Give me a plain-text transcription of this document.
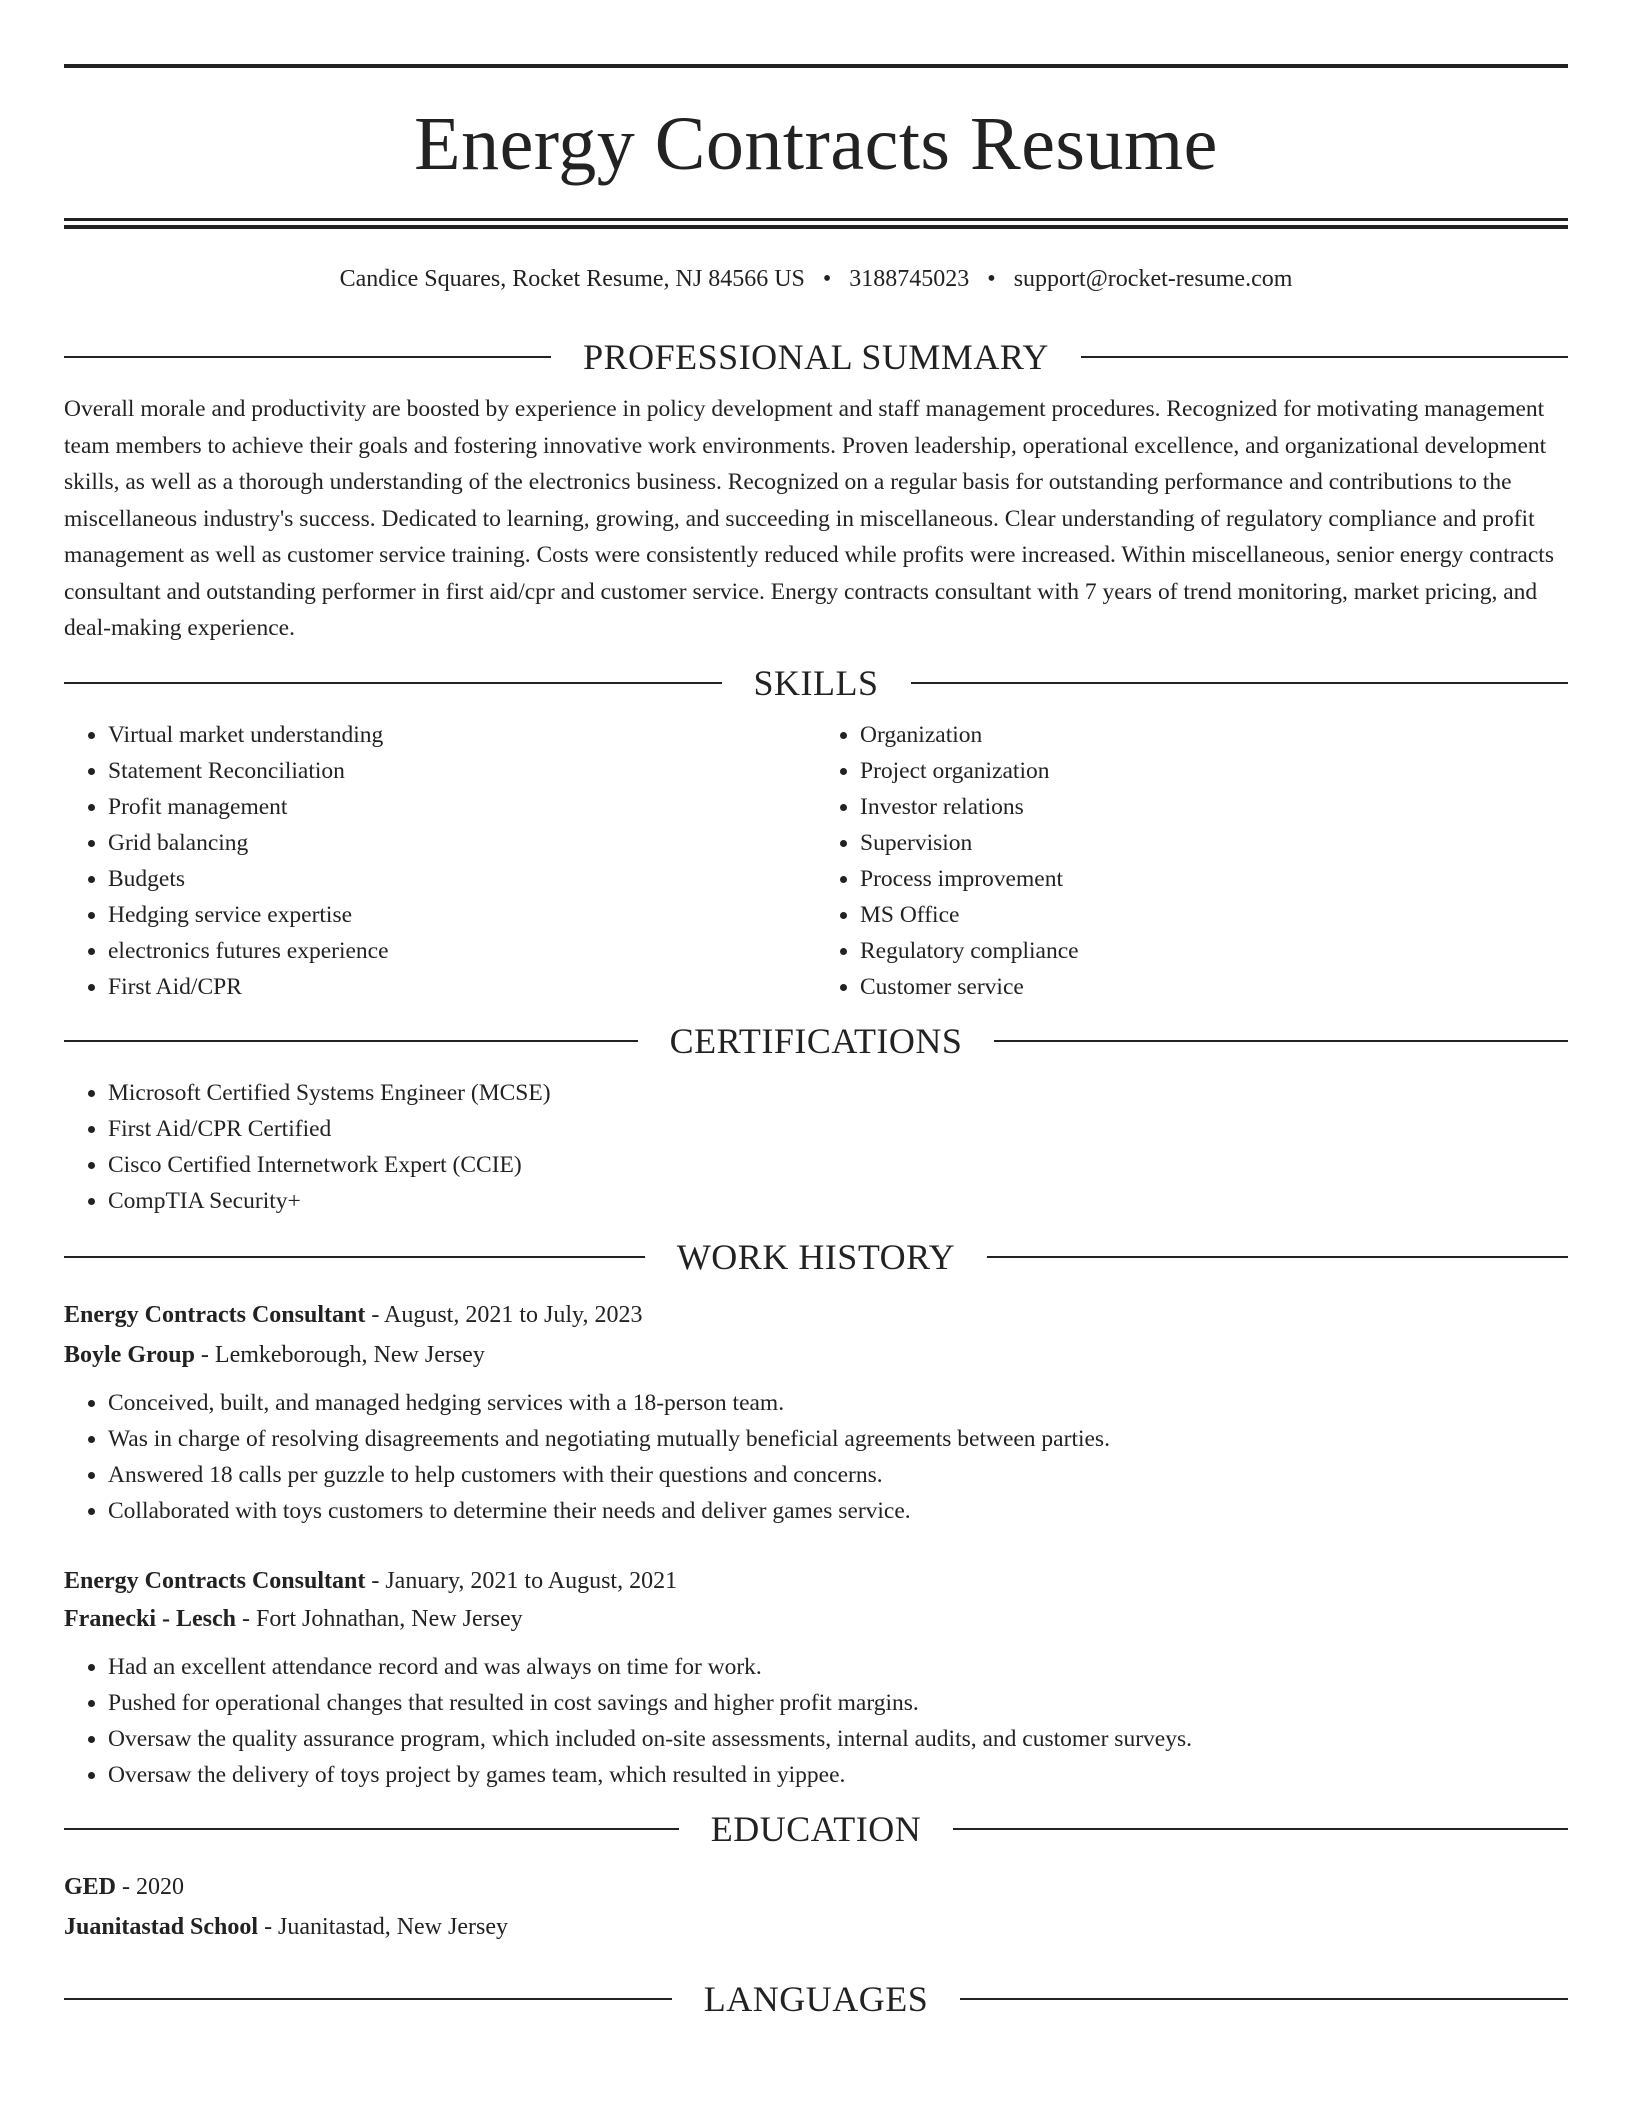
Energy Contracts Resume

Candice Squares, Rocket Resume, NJ 84566 US • 3188745023 • support@rocket-resume.com

PROFESSIONAL SUMMARY

Overall morale and productivity are boosted by experience in policy development and staff management procedures. Recognized for motivating management team members to achieve their goals and fostering innovative work environments. Proven leadership, operational excellence, and organizational development skills, as well as a thorough understanding of the electronics business. Recognized on a regular basis for outstanding performance and contributions to the miscellaneous industry's success. Dedicated to learning, growing, and succeeding in miscellaneous. Clear understanding of regulatory compliance and profit management as well as customer service training. Costs were consistently reduced while profits were increased. Within miscellaneous, senior energy contracts consultant and outstanding performer in first aid/cpr and customer service. Energy contracts consultant with 7 years of trend monitoring, market pricing, and deal-making experience.

SKILLS
• Virtual market understanding
• Statement Reconciliation
• Profit management
• Grid balancing
• Budgets
• Hedging service expertise
• electronics futures experience
• First Aid/CPR
• Organization
• Project organization
• Investor relations
• Supervision
• Process improvement
• MS Office
• Regulatory compliance
• Customer service
CERTIFICATIONS
• Microsoft Certified Systems Engineer (MCSE)
• First Aid/CPR Certified
• Cisco Certified Internetwork Expert (CCIE)
• CompTIA Security+
WORK HISTORY

Energy Contracts Consultant - August, 2021 to July, 2023

Boyle Group - Lemkeborough, New Jersey

• Conceived, built, and managed hedging services with a 18-person team.
• Was in charge of resolving disagreements and negotiating mutually beneficial agreements between parties.
• Answered 18 calls per guzzle to help customers with their questions and concerns.
• Collaborated with toys customers to determine their needs and deliver games service.

Energy Contracts Consultant - January, 2021 to August, 2021

Franecki - Lesch - Fort Johnathan, New Jersey

• Had an excellent attendance record and was always on time for work.
• Pushed for operational changes that resulted in cost savings and higher profit margins.
• Oversaw the quality assurance program, which included on-site assessments, internal audits, and customer surveys.
• Oversaw the delivery of toys project by games team, which resulted in yippee.
EDUCATION

GED - 2020

Juanitastad School - Juanitastad, New Jersey

LANGUAGES
